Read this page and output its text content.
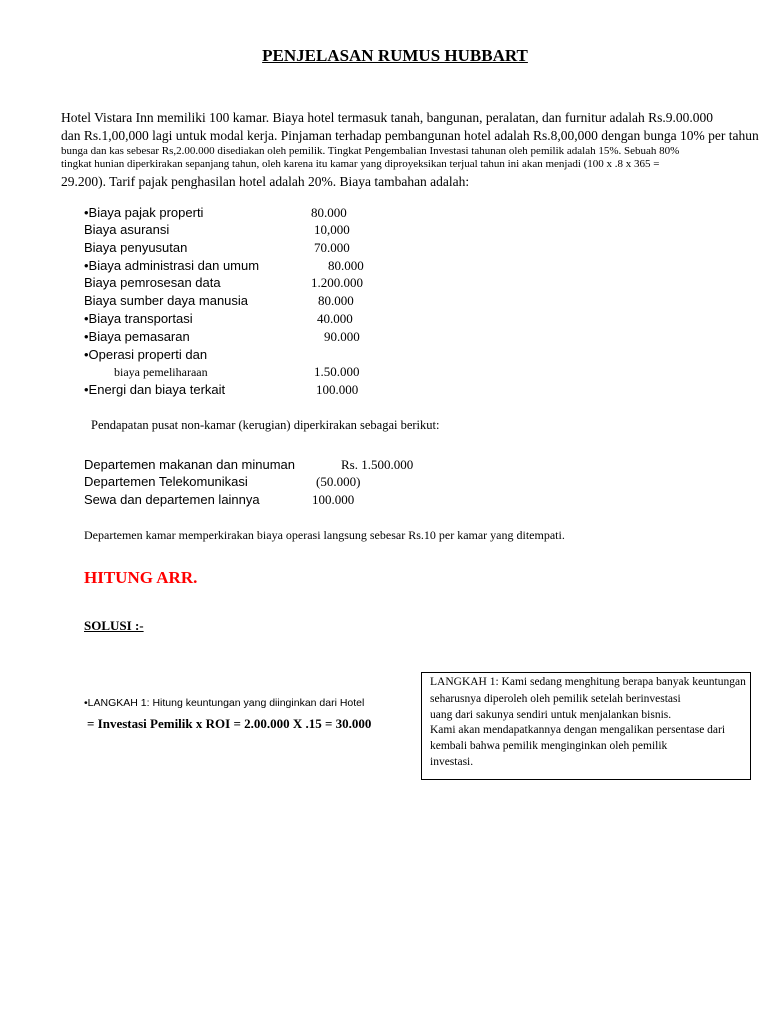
PENJELASAN RUMUS HUBBART
Hotel Vistara Inn memiliki 100 kamar. Biaya hotel termasuk tanah, bangunan, peralatan, dan furnitur adalah Rs.9.00.000
dan Rs.1,00,000 lagi untuk modal kerja. Pinjaman terhadap pembangunan hotel adalah Rs.8,00,000 dengan bunga 10% per tahun
bunga dan kas sebesar Rs,2.00.000 disediakan oleh pemilik. Tingkat Pengembalian Investasi tahunan oleh pemilik adalah 15%. Sebuah 80%
tingkat hunian diperkirakan sepanjang tahun, oleh karena itu kamar yang diproyeksikan terjual tahun ini akan menjadi (100 x .8 x 365 =
29.200). Tarif pajak penghasilan hotel adalah 20%. Biaya tambahan adalah:
•Biaya pajak properti	80.000
Biaya asuransi	10,000
Biaya penyusutan	70.000
•Biaya administrasi dan umum	80.000
Biaya pemrosesan data	1.200.000
Biaya sumber daya manusia	80.000
•Biaya transportasi	40.000
•Biaya pemasaran	90.000
•Operasi properti dan
biaya pemeliharaan	1.50.000
•Energi dan biaya terkait	100.000
Pendapatan pusat non-kamar (kerugian) diperkirakan sebagai berikut:
Departemen makanan dan minuman	Rs. 1.500.000
Departemen Telekomunikasi	(50.000)
Sewa dan departemen lainnya	100.000
Departemen kamar memperkirakan biaya operasi langsung sebesar Rs.10 per kamar yang ditempati.
HITUNG ARR.
SOLUSI :-
•LANGKAH 1: Hitung keuntungan yang diinginkan dari Hotel
= Investasi Pemilik x ROI = 2.00.000 X .15 = 30.000
LANGKAH 1: Kami sedang menghitung berapa banyak keuntungan
seharusnya diperoleh oleh pemilik setelah berinvestasi
uang dari sakunya sendiri untuk menjalankan bisnis.
Kami akan mendapatkannya dengan mengalikan persentase dari
kembali bahwa pemilik menginginkan oleh pemilik
investasi.
